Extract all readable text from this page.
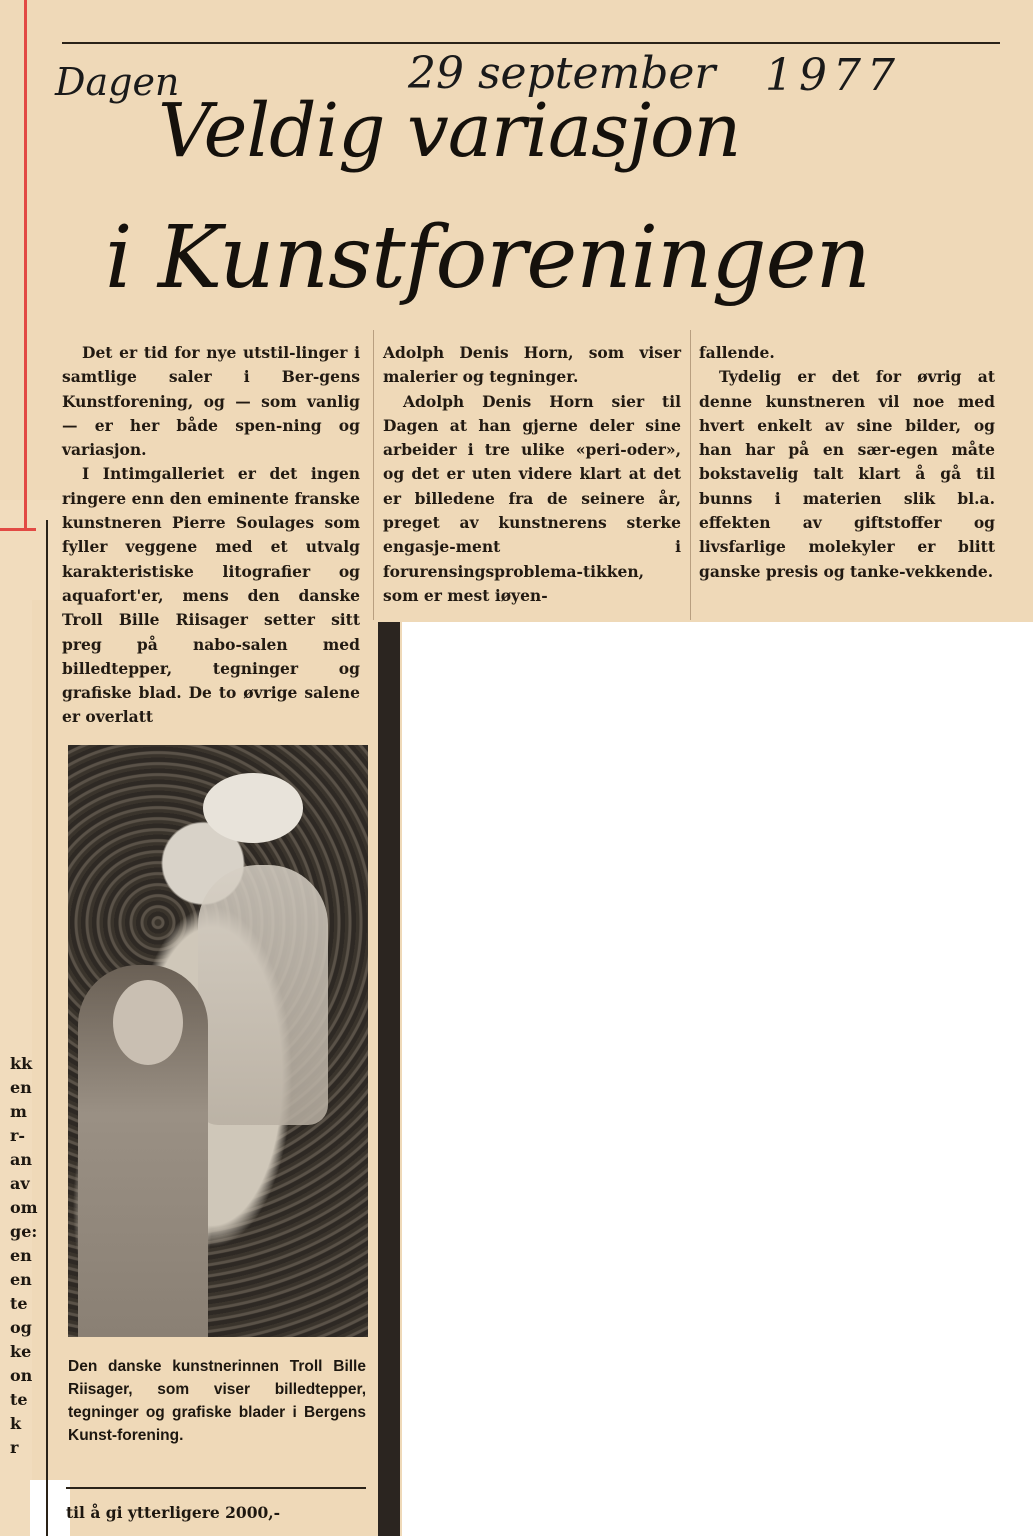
Dagen	29 september 1977
Veldig variasjon
i Kunstforeningen

Det er tid for nye utstil-linger i samtlige saler i Ber-gens Kunstforening, og — som vanlig — er her både spen-ning og variasjon.

I Intimgalleriet er det ingen ringere enn den eminente franske kunstneren Pierre Soulages som fyller veggene med et utvalg karakteristiske litografier og aquafort'er, mens den danske Troll Bille Riisager setter sitt preg på nabo-salen med billedtepper, tegninger og grafiske blad. De to øvrige salene er overlatt

Adolph Denis Horn, som viser malerier og tegninger.

Adolph Denis Horn sier til Dagen at han gjerne deler sine arbeider i tre ulike «peri-oder», og det er uten videre klart at det er billedene fra de seinere år, preget av kunstnerens sterke engasje-ment i forurensingsproblema-tikken, som er mest iøyen-

fallende.

Tydelig er det for øvrig at denne kunstneren vil noe med hvert enkelt av sine bilder, og han har på en sær-egen måte bokstavelig talt klart å gå til bunns i materien slik bl.a. effekten av giftstoffer og livsfarlige molekyler er blitt ganske presis og tanke-vekkende.

Den danske kunstnerinnen Troll Bille Riisager, som viser billedtepper, tegninger og grafiske blader i Bergens Kunst-forening.
til å gi ytterligere 2000,-
kk
en
m
r-
an
av
om
ge:
en
en
te
og
ke
on
te
k
r
